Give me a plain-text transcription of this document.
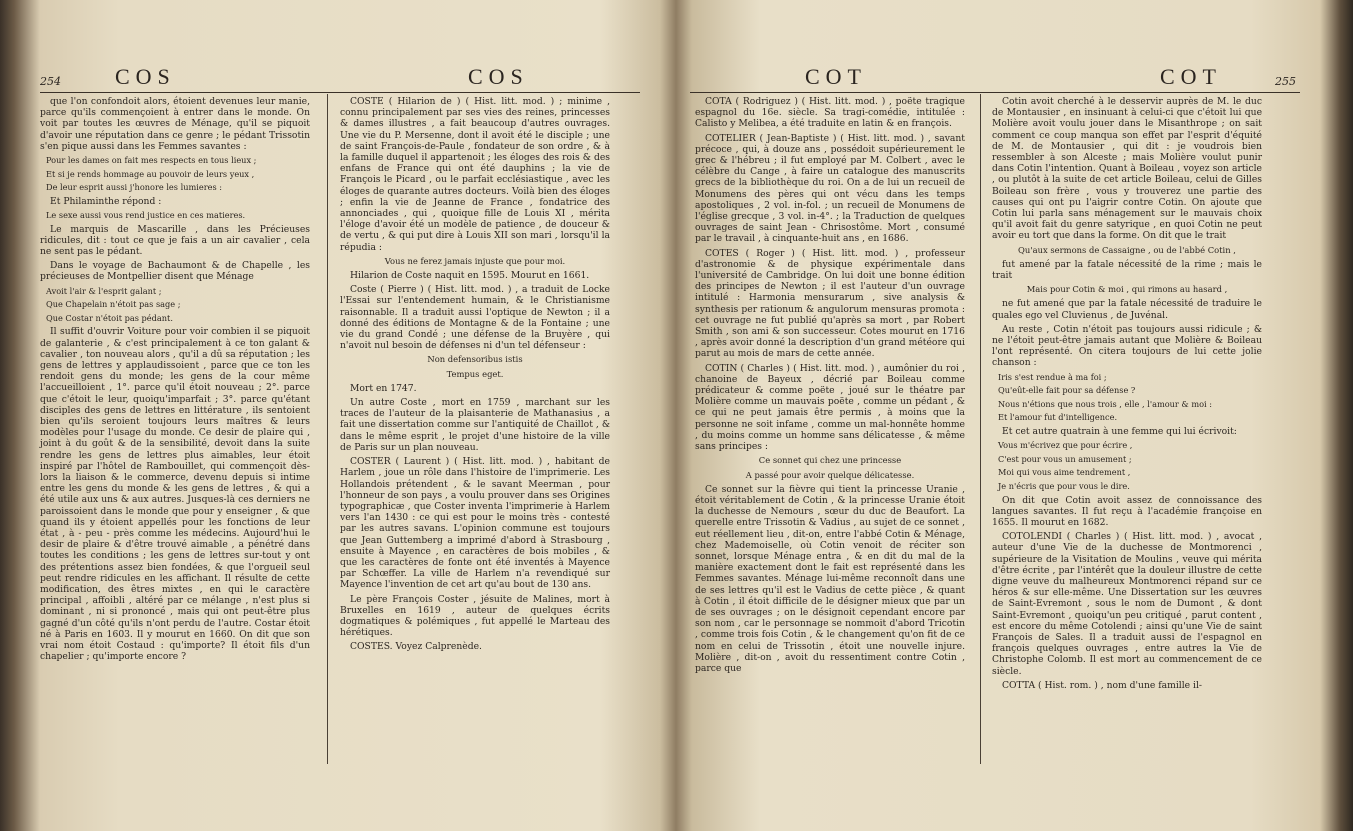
254 COS	COS

que l'on confondoit alors, étoient devenues leur manie, parce qu'ils commençoient à entrer dans le monde. On voit par toutes les œuvres de Ménage, qu'il se piquoit d'avoir une réputation dans ce genre ; le pédant Trissotin s'en pique aussi dans les Femmes savantes :

Pour les dames on fait mes respects en tous lieux ;

Et si je rends hommage au pouvoir de leurs yeux ,

De leur esprit aussi j'honore les lumieres :

Et Philaminthe répond :

Le sexe aussi vous rend justice en ces matieres.

Le marquis de Mascarille , dans les Précieuses ridicules, dit : tout ce que je fais a un air cavalier , cela ne sent pas le pédant.

Dans le voyage de Bachaumont & de Chapelle , les précieuses de Montpellier disent que Ménage

Avoit l'air & l'esprit galant ;

Que Chapelain n'étoit pas sage ;

Que Costar n'étoit pas pédant.

Il suffit d'ouvrir Voiture pour voir combien il se piquoit de galanterie , & c'est principalement à ce ton galant & cavalier , ton nouveau alors , qu'il a dû sa réputation ; les gens de lettres y applaudissoient , parce que ce ton les rendoit gens du monde; les gens de la cour même l'accueilloient , 1°. parce qu'il étoit nouveau ; 2°. parce que c'étoit le leur, quoiqu'imparfait ; 3°. parce qu'étant disciples des gens de lettres en littérature , ils sentoient bien qu'ils seroient toujours leurs maîtres & leurs modèles pour l'usage du monde. Ce desir de plaire qui , joint à du goût & de la sensibilité, devoit dans la suite rendre les gens de lettres plus aimables, leur étoit inspiré par l'hôtel de Rambouillet, qui commençoit dès-lors la liaison & le commerce, devenu depuis si intime entre les gens du monde & les gens de lettres , & qui a été utile aux uns & aux autres. Jusques-là ces derniers ne paroissoient dans le monde que pour y enseigner , & que quand ils y étoient appellés pour les fonctions de leur état , à - peu - près comme les médecins. Aujourd'hui le desir de plaire & d'être trouvé aimable , a pénétré dans toutes les conditions ; les gens de lettres sur-tout y ont des prétentions assez bien fondées, & que l'orgueil seul peut rendre ridicules en les affichant. Il résulte de cette modification, des êtres mixtes , en qui le caractère principal , affoibli , altéré par ce mélange , n'est plus si dominant , ni si prononcé , mais qui ont peut-être plus gagné d'un côté qu'ils n'ont perdu de l'autre. Costar étoit né à Paris en 1603. Il y mourut en 1660. On dit que son vrai nom étoit Costaud : qu'importe? Il étoit fils d'un chapelier ; qu'importe encore ?

COSTE ( Hilarion de ) ( Hist. litt. mod. ) ; minime , connu principalement par ses vies des reines, princesses & dames illustres , a fait beaucoup d'autres ouvrages. Une vie du P. Mersenne, dont il avoit été le disciple ; une de saint François-de-Paule , fondateur de son ordre , & à la famille duquel il appartenoit ; les éloges des rois & des enfans de France qui ont été dauphins ; la vie de François le Picard , ou le parfait ecclésiastique , avec les éloges de quarante autres docteurs. Voilà bien des éloges ; enfin la vie de Jeanne de France , fondatrice des annonciades , qui , quoique fille de Louis XI , mérita l'éloge d'avoir été un modèle de patience , de douceur & de vertu , & qui put dire à Louis XII son mari , lorsqu'il la répudia :

Vous ne ferez jamais injuste que pour moi.

Hilarion de Coste naquit en 1595. Mourut en 1661.

Coste ( Pierre ) ( Hist. litt. mod. ) , a traduit de Locke l'Essai sur l'entendement humain, & le Christianisme raisonnable. Il a traduit aussi l'optique de Newton ; il a donné des éditions de Montagne & de la Fontaine ; une vie du grand Condé ; une défense de la Bruyère , qui n'avoit nul besoin de défenses ni d'un tel défenseur :

Non defensoribus istis

Tempus eget.

Mort en 1747.

Un autre Coste , mort en 1759 , marchant sur les traces de l'auteur de la plaisanterie de Mathanasius , a fait une dissertation comme sur l'antiquité de Chaillot , & dans le même esprit , le projet d'une histoire de la ville de Paris sur un plan nouveau.

COSTER ( Laurent ) ( Hist. litt. mod. ) , habitant de Harlem , joue un rôle dans l'histoire de l'imprimerie. Les Hollandois prétendent , & le savant Meerman , pour l'honneur de son pays , a voulu prouver dans ses Origines typographicæ , que Coster inventa l'imprimerie à Harlem vers l'an 1430 : ce qui est pour le moins très - contesté par les autres savans. L'opinion commune est toujours que Jean Guttemberg a imprimé d'abord à Strasbourg , ensuite à Mayence , en caractères de bois mobiles , & que les caractères de fonte ont été inventés à Mayence par Schœffer. La ville de Harlem n'a revendiqué sur Mayence l'invention de cet art qu'au bout de 130 ans.

Le père François Coster , jésuite de Malines, mort à Bruxelles en 1619 , auteur de quelques écrits dogmatiques & polémiques , fut appellé le Marteau des hérétiques.

COSTES. Voyez Calprenède.

COT	COT	255

COTA ( Rodriguez ) ( Hist. litt. mod. ) , poëte tragique espagnol du 16e. siècle. Sa tragi-comédie, intitulée : Calisto y Melibea, a été traduite en latin & en françois.

COTELIER ( Jean-Baptiste ) ( Hist. litt. mod. ) , savant précoce , qui, à douze ans , possédoit supérieurement le grec & l'hébreu ; il fut employé par M. Colbert , avec le célèbre du Cange , à faire un catalogue des manuscrits grecs de la bibliothèque du roi. On a de lui un recueil de Monumens des pères qui ont vécu dans les temps apostoliques , 2 vol. in-fol. ; un recueil de Monumens de l'église grecque , 3 vol. in-4°. ; la Traduction de quelques ouvrages de saint Jean - Chrisostôme. Mort , consumé par le travail , à cinquante-huit ans , en 1686.

COTES ( Roger ) ( Hist. litt. mod. ) , professeur d'astronomie & de physique expérimentale dans l'université de Cambridge. On lui doit une bonne édition des principes de Newton ; il est l'auteur d'un ouvrage intitulé : Harmonia mensurarum , sive analysis & synthesis per rationum & angulorum mensuras promota : cet ouvrage ne fut publié qu'après sa mort , par Robert Smith , son ami & son successeur. Cotes mourut en 1716 , après avoir donné la description d'un grand météore qui parut au mois de mars de cette année.

COTIN ( Charles ) ( Hist. litt. mod. ) , aumônier du roi , chanoine de Bayeux , décrié par Boileau comme prédicateur & comme poëte , joué sur le théatre par Molière comme un mauvais poëte , comme un pédant , & ce qui ne peut jamais être permis , à moins que la personne ne soit infame , comme un mal-honnête homme , du moins comme un homme sans délicatesse , & même sans principes :

Ce sonnet qui chez une princesse

A passé pour avoir quelque délicatesse.

Ce sonnet sur la fièvre qui tient la princesse Uranie , étoit véritablement de Cotin , & la princesse Uranie étoit la duchesse de Nemours , sœur du duc de Beaufort. La querelle entre Trissotin & Vadius , au sujet de ce sonnet , eut réellement lieu , dit-on, entre l'abbé Cotin & Ménage, chez Mademoiselle, où Cotin venoit de réciter son sonnet, lorsque Ménage entra , & en dit du mal de la manière exactement dont le fait est représenté dans les Femmes savantes. Ménage lui-même reconnoît dans une de ses lettres qu'il est le Vadius de cette pièce , & quant à Cotin , il étoit difficile de le désigner mieux que par un de ses ouvrages ; on le désignoit cependant encore par son nom , car le personnage se nommoit d'abord Tricotin , comme trois fois Cotin , & le changement qu'on fit de ce nom en celui de Trissotin , étoit une nouvelle injure. Molière , dit-on , avoit du ressentiment contre Cotin , parce que

Cotin avoit cherché à le desservir auprès de M. le duc de Montausier , en insinuant à celui-ci que c'étoit lui que Molière avoit voulu jouer dans le Misanthrope ; on sait comment ce coup manqua son effet par l'esprit d'équité de M. de Montausier , qui dit : je voudrois bien ressembler à son Alceste ; mais Molière voulut punir dans Cotin l'intention. Quant à Boileau , voyez son article , ou plutôt à la suite de cet article Boileau, celui de Gilles Boileau son frère , vous y trouverez une partie des causes qui ont pu l'aigrir contre Cotin. On ajoute que Cotin lui parla sans ménagement sur le mauvais choix qu'il avoit fait du genre satyrique , en quoi Cotin ne peut avoir eu tort que dans la forme. On dit que le trait

Qu'aux sermons de Cassaigne , ou de l'abbé Cotin ,

fut amené par la fatale nécessité de la rime ; mais le trait

Mais pour Cotin & moi , qui rimons au hasard ,

ne fut amené que par la fatale nécessité de traduire le quales ego vel Cluvienus , de Juvénal.

Au reste , Cotin n'étoit pas toujours aussi ridicule ; & ne l'étoit peut-être jamais autant que Molière & Boileau l'ont représenté. On citera toujours de lui cette jolie chanson :

Iris s'est rendue à ma foi ;

Qu'eût-elle fait pour sa défense ?

Nous n'étions que nous trois , elle , l'amour & moi :

Et l'amour fut d'intelligence.

Et cet autre quatrain à une femme qui lui écrivoit:

Vous m'écrivez que pour écrire ,

C'est pour vous un amusement ;

Moi qui vous aime tendrement ,

Je n'écris que pour vous le dire.

On dit que Cotin avoit assez de connoissance des langues savantes. Il fut reçu à l'académie françoise en 1655. Il mourut en 1682.

COTOLENDI ( Charles ) ( Hist. litt. mod. ) , avocat , auteur d'une Vie de la duchesse de Montmorenci , supérieure de la Visitation de Moulins , veuve qui mérita d'être écrite , par l'intérêt que la douleur illustre de cette digne veuve du malheureux Montmorenci répand sur ce héros & sur elle-même. Une Dissertation sur les œuvres de Saint-Evremont , sous le nom de Dumont , & dont Saint-Evremont , quoiqu'un peu critiqué , parut content , est encore du même Cotolendi ; ainsi qu'une Vie de saint François de Sales. Il a traduit aussi de l'espagnol en françois quelques ouvrages , entre autres la Vie de Christophe Colomb. Il est mort au commencement de ce siècle.

COTTA ( Hist. rom. ) , nom d'une famille il-
